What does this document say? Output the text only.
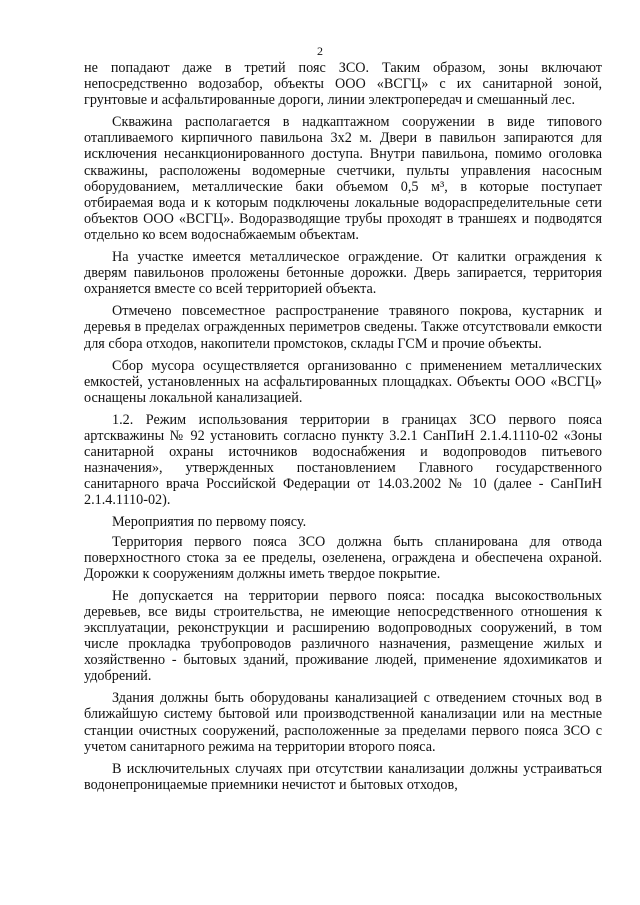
2

не попадают даже в третий пояс ЗСО. Таким образом, зоны включают непосредственно водозабор, объекты ООО «ВСГЦ» с их санитарной зоной, грунтовые и асфальтированные дороги, линии электропередач и смешанный лес.

Скважина располагается в надкаптажном сооружении в виде типового отапливаемого кирпичного павильона 3х2 м. Двери в павильон запираются для исключения несанкционированного доступа. Внутри павильона, помимо оголовка скважины, расположены водомерные счетчики, пульты управления насосным оборудованием, металлические баки объемом 0,5 м³, в которые поступает отбираемая вода и к которым подключены локальные водораспределительные сети объектов ООО «ВСГЦ». Водоразводящие трубы проходят в траншеях и подводятся отдельно ко всем водоснабжаемым объектам.

На участке имеется металлическое ограждение. От калитки ограждения к дверям павильонов проложены бетонные дорожки. Дверь запирается, территория охраняется вместе со всей территорией объекта.

Отмечено повсеместное распространение травяного покрова, кустарник и деревья в пределах огражденных периметров сведены. Также отсутствовали емкости для сбора отходов, накопители промстоков, склады ГСМ и прочие объекты.

Сбор мусора осуществляется организованно с применением металлических емкостей, установленных на асфальтированных площадках. Объекты ООО «ВСГЦ» оснащены локальной канализацией.

1.2. Режим использования территории в границах ЗСО первого пояса артскважины № 92 установить согласно пункту 3.2.1 СанПиН 2.1.4.1110-02 «Зоны санитарной охраны источников водоснабжения и водопроводов питьевого назначения», утвержденных постановлением Главного государственного санитарного врача Российской Федерации от 14.03.2002 № 10 (далее - СанПиН 2.1.4.1110-02).

Мероприятия по первому поясу.

Территория первого пояса ЗСО должна быть спланирована для отвода поверхностного стока за ее пределы, озеленена, ограждена и обеспечена охраной. Дорожки к сооружениям должны иметь твердое покрытие.

Не допускается на территории первого пояса: посадка высокоствольных деревьев, все виды строительства, не имеющие непосредственного отношения к эксплуатации, реконструкции и расширению водопроводных сооружений, в том числе прокладка трубопроводов различного назначения, размещение жилых и хозяйственно - бытовых зданий, проживание людей, применение ядохимикатов и удобрений.

Здания должны быть оборудованы канализацией с отведением сточных вод в ближайшую систему бытовой или производственной канализации или на местные станции очистных сооружений, расположенные за пределами первого пояса ЗСО с учетом санитарного режима на территории второго пояса.

В исключительных случаях при отсутствии канализации должны устраиваться водонепроницаемые приемники нечистот и бытовых отходов,
